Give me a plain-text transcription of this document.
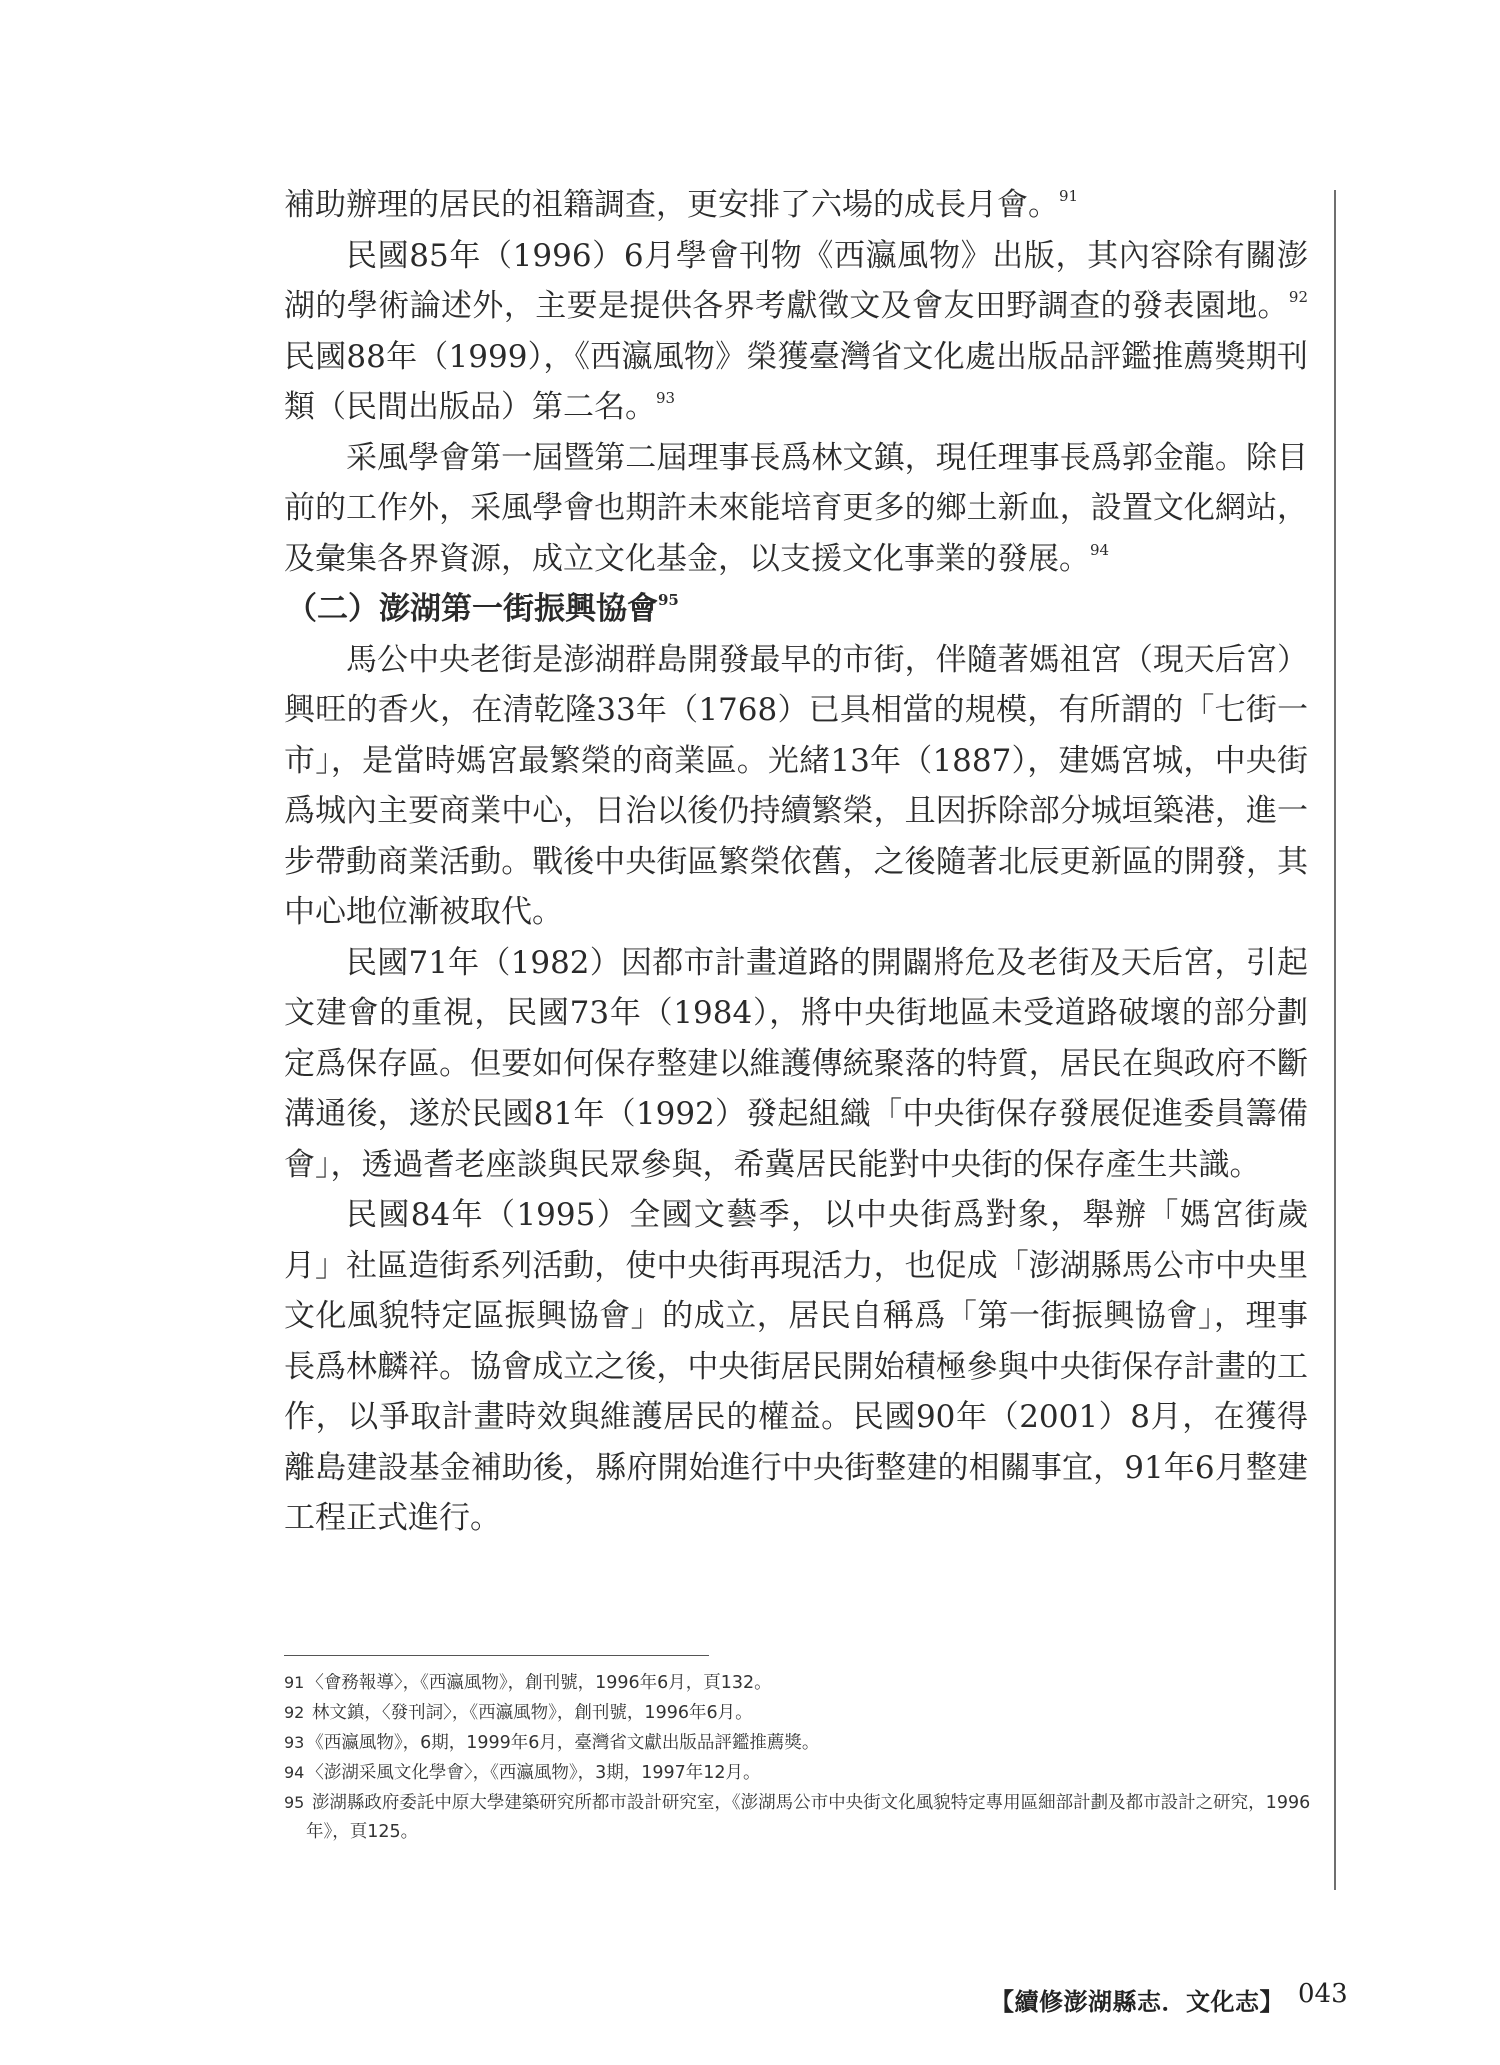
補助辦理的居民的祖籍調查，更安排了六場的成長月會。$^{91}$

民國85年（1996）6月學會刊物《西瀛風物》出版，其內容除有關澎湖的學術論述外，主要是提供各界考獻徵文及會友田野調查的發表園地。$^{92}$民國88年（1999），《西瀛風物》榮獲臺灣省文化處出版品評鑑推薦獎期刊類（民間出版品）第二名。$^{93}$

采風學會第一屆暨第二屆理事長爲林文鎮，現任理事長爲郭金龍。除目前的工作外，采風學會也期許未來能培育更多的鄉土新血，設置文化網站，及彙集各界資源，成立文化基金，以支援文化事業的發展。$^{94}$

（二）澎湖第一街振興協會$^{95}$

馬公中央老街是澎湖群島開發最早的市街，伴隨著媽祖宮（現天后宮）興旺的香火，在清乾隆33年（1768）已具相當的規模，有所謂的「七街一市」，是當時媽宮最繁榮的商業區。光緒13年（1887），建媽宮城，中央街爲城內主要商業中心，日治以後仍持續繁榮，且因拆除部分城垣築港，進一步帶動商業活動。戰後中央街區繁榮依舊，之後隨著北辰更新區的開發，其中心地位漸被取代。

民國71年（1982）因都市計畫道路的開闢將危及老街及天后宮，引起文建會的重視，民國73年（1984），將中央街地區未受道路破壞的部分劃定爲保存區。但要如何保存整建以維護傳統聚落的特質，居民在與政府不斷溝通後，遂於民國81年（1992）發起組織「中央街保存發展促進委員籌備會」，透過耆老座談與民眾參與，希冀居民能對中央街的保存產生共識。

民國84年（1995）全國文藝季，以中央街爲對象，舉辦「媽宮街歲月」社區造街系列活動，使中央街再現活力，也促成「澎湖縣馬公市中央里文化風貌特定區振興協會」的成立，居民自稱爲「第一街振興協會」，理事長爲林麟祥。協會成立之後，中央街居民開始積極參與中央街保存計畫的工作，以爭取計畫時效與維護居民的權益。民國90年（2001）8月，在獲得離島建設基金補助後，縣府開始進行中央街整建的相關事宜，91年6月整建工程正式進行。

91 〈會務報導〉，《西瀛風物》，創刊號，1996年6月，頁132。

92 林文鎮，〈發刊詞〉，《西瀛風物》，創刊號，1996年6月。

93 《西瀛風物》，6期，1999年6月，臺灣省文獻出版品評鑑推薦獎。

94 〈澎湖采風文化學會〉，《西瀛風物》，3期，1997年12月。

95 澎湖縣政府委託中原大學建築研究所都市設計研究室，《澎湖馬公市中央街文化風貌特定專用區細部計劃及都市設計之研究，1996年》，頁125。

【續修澎湖縣志．文化志】 043
